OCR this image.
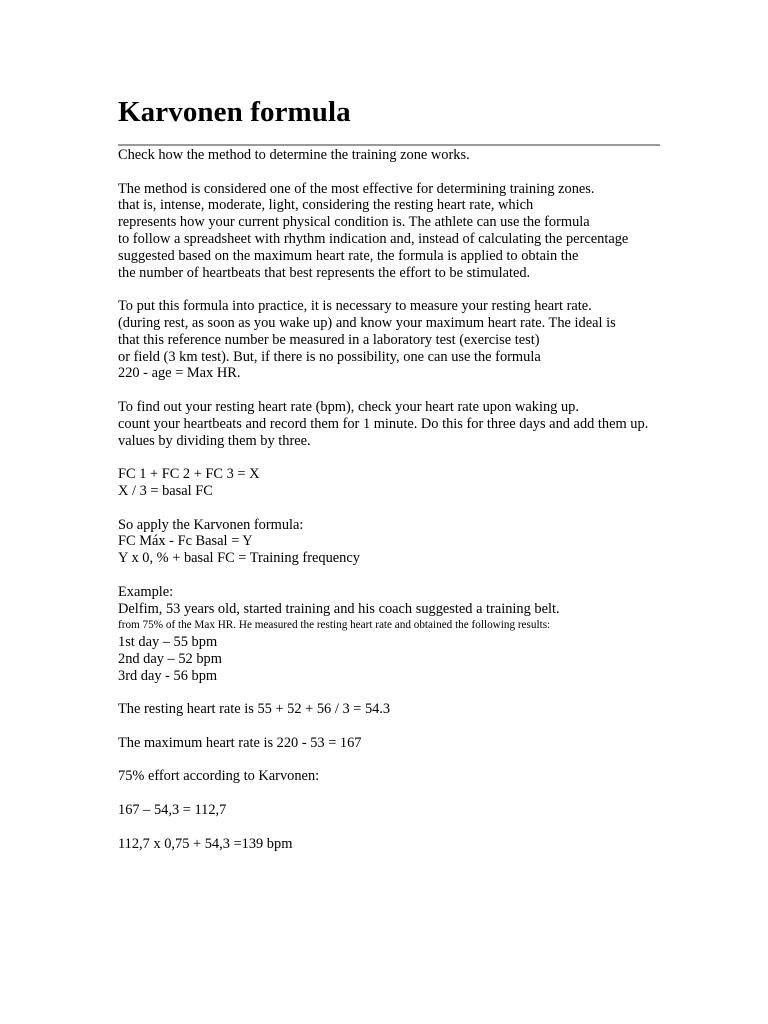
Karvonen formula
Check how the method to determine the training zone works.
The method is considered one of the most effective for determining training zones.
that is, intense, moderate, light, considering the resting heart rate, which
represents how your current physical condition is. The athlete can use the formula
to follow a spreadsheet with rhythm indication and, instead of calculating the percentage
suggested based on the maximum heart rate, the formula is applied to obtain the
the number of heartbeats that best represents the effort to be stimulated.
To put this formula into practice, it is necessary to measure your resting heart rate.
(during rest, as soon as you wake up) and know your maximum heart rate. The ideal is
that this reference number be measured in a laboratory test (exercise test)
or field (3 km test). But, if there is no possibility, one can use the formula
220 - age = Max HR.
To find out your resting heart rate (bpm), check your heart rate upon waking up.
count your heartbeats and record them for 1 minute. Do this for three days and add them up.
values by dividing them by three.
FC 1 + FC 2 + FC 3 = X
X / 3 = basal FC
So apply the Karvonen formula:
FC Máx - Fc Basal = Y
Y x 0, % + basal FC = Training frequency
Example:
Delfim, 53 years old, started training and his coach suggested a training belt.
from 75% of the Max HR. He measured the resting heart rate and obtained the following results:
1st day – 55 bpm
2nd day – 52 bpm
3rd day - 56 bpm
The resting heart rate is 55 + 52 + 56 / 3 = 54.3
The maximum heart rate is 220 - 53 = 167
75% effort according to Karvonen:
167 – 54,3 = 112,7
112,7 x 0,75 + 54,3 =139 bpm
